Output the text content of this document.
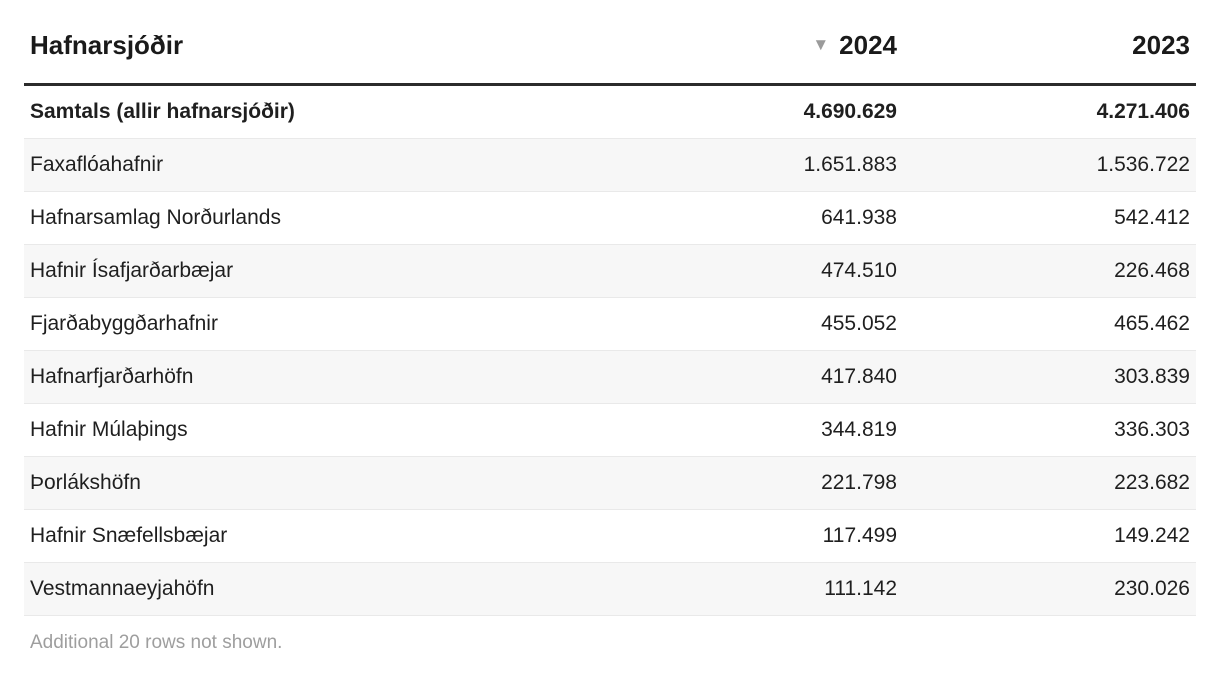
Hafnarsjóðir	▼ 2024	2023
Samtals (allir hafnarsjóðir)	4.690.629	4.271.406
Faxaflóahafnir	1.651.883	1.536.722
Hafnarsamlag Norðurlands	641.938	542.412
Hafnir Ísafjarðarbæjar	474.510	226.468
Fjarðabyggðarhafnir	455.052	465.462
Hafnarfjarðarhöfn	417.840	303.839
Hafnir Múlaþings	344.819	336.303
Þorlákshöfn	221.798	223.682
Hafnir Snæfellsbæjar	117.499	149.242
Vestmannaeyjahöfn	111.142	230.026
Additional 20 rows not shown.
